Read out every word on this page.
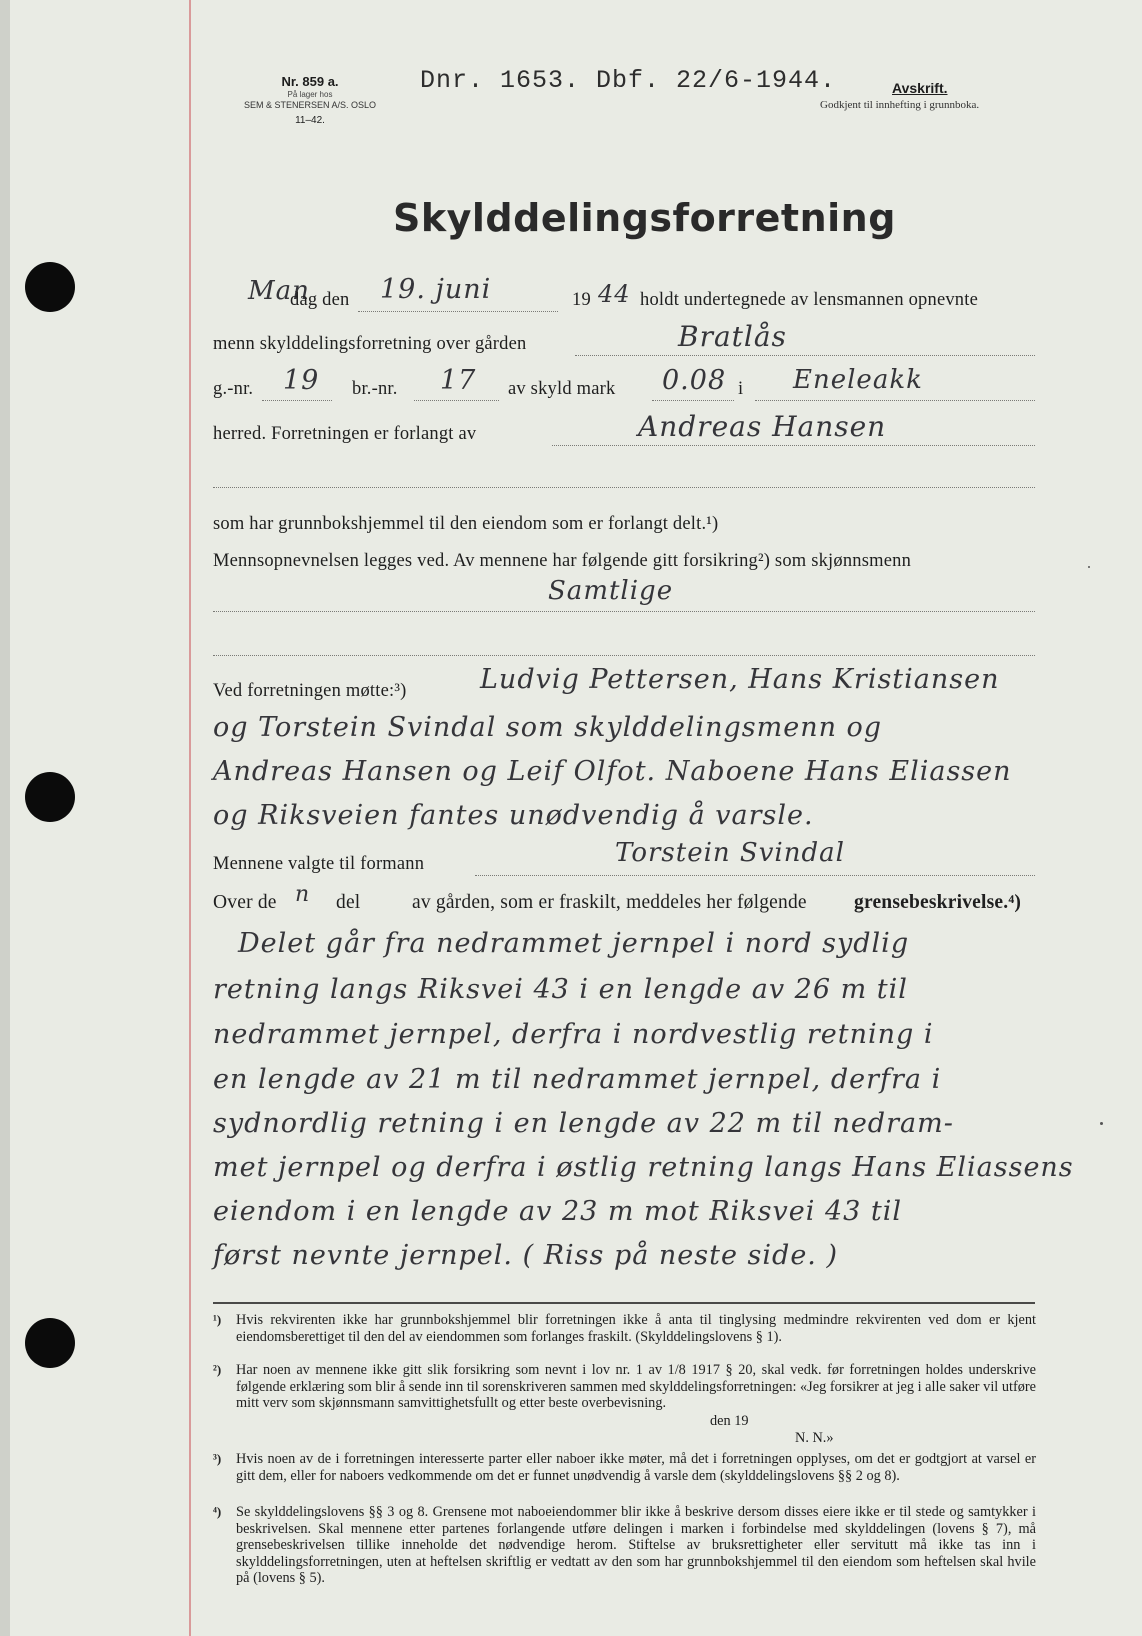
Nr. 859 a.
På lager hos
SEM & STENERSEN A/S. OSLO
11–42.
Dnr. 1653. Dbf. 22/6-1944.	Avskrift.
Godkjent til innhefting i grunnboka.
Skylddelingsforretning
Man
dag den 19. juni	19 44 holdt undertegnede av lensmannen opnevnte
menn skylddelingsforretning over gården	Bratlås
g.-nr. 19 br.-nr. 17 av skyld mark 0.08 i Eneleakk
herred. Forretningen er forlangt av	Andreas Hansen
som har grunnbokshjemmel til den eiendom som er forlangt delt.¹)
Mennsopnevnelsen legges ved. Av mennene har følgende gitt forsikring²) som skjønnsmenn
Samtlige
Ved forretningen møtte:³)	Ludvig Pettersen, Hans Kristiansen
og Torstein Svindal som skylddelingsmenn og
Andreas Hansen og Leif Olfot. Naboene Hans Eliassen
og Riksveien fantes unødvendig å varsle.
Mennene valgte til formann	Torstein Svindal
Over de n del	av gården, som er fraskilt, meddeles her følgende grensebeskrivelse.⁴)
Delet går fra nedrammet jernpel i nord sydlig
retning langs Riksvei 43 i en lengde av 26 m til
nedrammet jernpel, derfra i nordvestlig retning i
en lengde av 21 m til nedrammet jernpel, derfra i
sydnordlig retning i en lengde av 22 m til nedram-
met jernpel og derfra i østlig retning langs Hans Eliassens
eiendom i en lengde av 23 m mot Riksvei 43 til
først nevnte jernpel. ( Riss på neste side. )
¹) Hvis rekvirenten ikke har grunnbokshjemmel blir forretningen ikke å anta til tinglysing medmindre rekvirenten ved dom er kjent eiendomsberettiget til den del av eiendommen som forlanges fraskilt. (Skylddelingslovens § 1).
²) Har noen av mennene ikke gitt slik forsikring som nevnt i lov nr. 1 av 1/8 1917 § 20, skal vedk. før forretningen holdes underskrive følgende erklæring som blir å sende inn til sorenskriveren sammen med skylddelingsforretningen: «Jeg forsikrer at jeg i alle saker vil utføre mitt verv som skjønnsmann samvittighetsfullt og etter beste overbevisning.
den 19
N. N.»
³) Hvis noen av de i forretningen interesserte parter eller naboer ikke møter, må det i forretningen opplyses, om det er godtgjort at varsel er gitt dem, eller for naboers vedkommende om det er funnet unødvendig å varsle dem (skylddelingslovens §§ 2 og 8).
⁴) Se skylddelingslovens §§ 3 og 8. Grensene mot naboeiendommer blir ikke å beskrive dersom disses eiere ikke er til stede og samtykker i beskrivelsen. Skal mennene etter partenes forlangende utføre delingen i marken i forbindelse med skylddelingen (lovens § 7), må grensebeskrivelsen tillike inneholde det nødvendige herom. Stiftelse av bruksrettigheter eller servitutt må ikke tas inn i skylddelingsforretningen, uten at heftelsen skriftlig er vedtatt av den som har grunnbokshjemmel til den eiendom som heftelsen skal hvile på (lovens § 5).
